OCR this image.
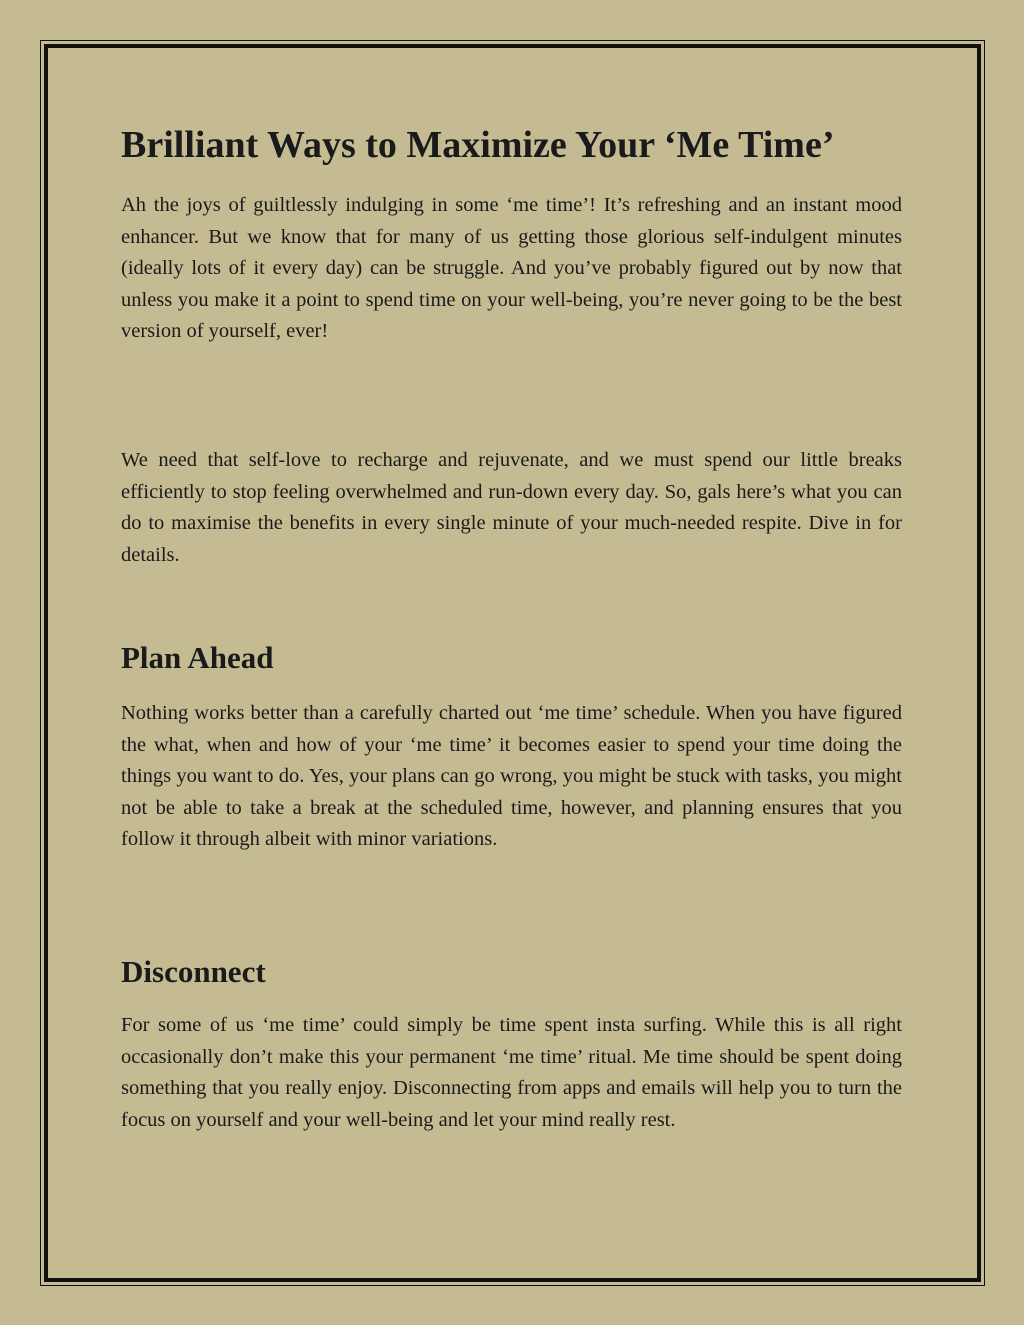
Brilliant Ways to Maximize Your ‘Me Time’

Ah the joys of guiltlessly indulging in some ‘me time’! It’s refreshing and an instant mood enhancer. But we know that for many of us getting those glorious self-indulgent minutes (ideally lots of it every day) can be struggle. And you’ve probably figured out by now that unless you make it a point to spend time on your well-being, you’re never going to be the best version of yourself, ever!

We need that self-love to recharge and rejuvenate, and we must spend our little breaks efficiently to stop feeling overwhelmed and run-down every day. So, gals here’s what you can do to maximise the benefits in every single minute of your much-needed respite. Dive in for details.

Plan Ahead

Nothing works better than a carefully charted out ‘me time’ schedule. When you have figured the what, when and how of your ‘me time’ it becomes easier to spend your time doing the things you want to do. Yes, your plans can go wrong, you might be stuck with tasks, you might not be able to take a break at the scheduled time, however, and planning ensures that you follow it through albeit with minor variations.

Disconnect

For some of us ‘me time’ could simply be time spent insta surfing. While this is all right occasionally don’t make this your permanent ‘me time’ ritual. Me time should be spent doing something that you really enjoy. Disconnecting from apps and emails will help you to turn the focus on yourself and your well-being and let your mind really rest.
